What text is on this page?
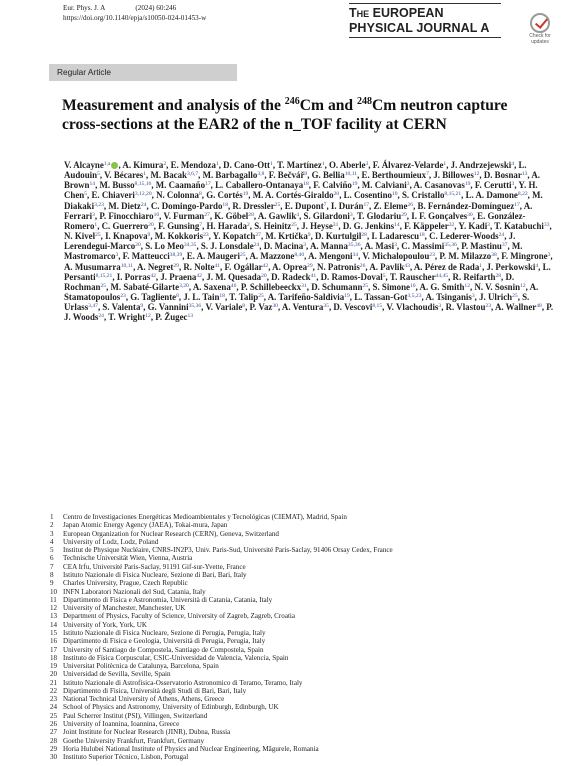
Eur. Phys. J. A	(2024) 60:246
https://doi.org/10.1140/epja/s10050-024-01453-w	THE EUROPEAN
PHYSICAL JOURNAL A
Check for updates
Regular Article
Measurement and analysis of the $^{246}$Cm and $^{248}$Cm neutron capture cross-sections at the EAR2 of the n_TOF facility at CERN
V. Alcayne$^{1,a}$ , A. Kimura$^2$, E. Mendoza$^1$, D. Cano-Ott$^1$, T. Martínez$^1$, O. Aberle$^3$, F. Álvarez-Velarde$^1$, J. Andrzejewski$^4$, L. Audouin$^5$, V. Bécares$^1$, M. Bacak$^{3,6,7}$, M. Barbagallo$^{3,8}$, F. Bečvář$^9$, G. Bellia$^{10,11}$, E. Berthoumieux$^7$, J. Billowes$^{12}$, D. Bosnar$^{13}$, A. Brown$^{14}$, M. Busso$^{8,15,16}$, M. Caamaño$^{17}$, L. Caballero-Ontanaya$^{18}$, F. Calviño$^{19}$, M. Calviani$^3$, A. Casanovas$^{19}$, F. Cerutti$^3$, Y. H. Chen$^5$, E. Chiaveri$^{3,12,20}$, N. Colonna$^8$, G. Cortés$^{19}$, M. A. Cortés-Giraldo$^{20}$, L. Cosentino$^{10}$, S. Cristallo$^{8,15,21}$, L. A. Damone$^{8,22}$, M. Diakaki$^{3,23}$, M. Dietz$^{24}$, C. Domingo-Pardo$^{18}$, R. Dressler$^{25}$, E. Dupont$^7$, I. Durán$^{17}$, Z. Eleme$^{26}$, B. Fernández-Domínguez$^{17}$, A. Ferrari$^3$, P. Finocchiaro$^{10}$, V. Furman$^{27}$, K. Göbel$^{28}$, A. Gawlik$^4$, S. Gilardoni$^3$, T. Glodariu$^{29}$, I. F. Gonçalves$^{30}$, E. González-Romero$^1$, C. Guerrero$^{20}$, F. Gunsing$^7$, H. Harada$^2$, S. Heinitz$^{25}$, J. Heyse$^{31}$, D. G. Jenkins$^{14}$, F. Käppeler$^{32}$, Y. Kadi$^3$, T. Katabuchi$^{33}$, N. Kivel$^{25}$, I. Knapova$^9$, M. Kokkoris$^{23}$, Y. Kopatch$^{27}$, M. Krtička$^9$, D. Kurtulgil$^{28}$, I. Ladarescu$^{18}$, C. Lederer-Woods$^{24}$, J. Lerendegui-Marco$^{20}$, S. Lo Meo$^{34,35}$, S. J. Lonsdale$^{24}$, D. Macina$^3$, A. Manna$^{35,36}$, A. Masi$^3$, C. Massimi$^{35,36}$, P. Mastinu$^{37}$, M. Mastromarco$^3$, F. Matteucci$^{38,39}$, E. A. Maugeri$^{25}$, A. Mazzone$^{8,40}$, A. Mengoni$^{34}$, V. Michalopoulou$^{23}$, P. M. Milazzo$^{38}$, F. Mingrone$^3$, A. Musumarra$^{10,11}$, A. Negret$^{29}$, R. Nolte$^{41}$, F. Ogállar$^{42}$, A. Oprea$^{29}$, N. Patronis$^{26}$, A. Pavlik$^{43}$, A. Pérez de Rada$^1$, J. Perkowski$^4$, L. Persanti$^{8,15,21}$, I. Porras$^{42}$, J. Praena$^{42}$, J. M. Quesada$^{20}$, D. Radeck$^{41}$, D. Ramos-Doval$^5$, T. Rauscher$^{44,45}$, R. Reifarth$^{28}$, D. Rochman$^{25}$, M. Sabaté-Gilarte$^{3,20}$, A. Saxena$^{46}$, P. Schillebeeckx$^{31}$, D. Schumann$^{25}$, S. Simone$^{10}$, A. G. Smith$^{12}$, N. V. Sosnin$^{12}$, A. Stamatopoulos$^{23}$, G. Tagliente$^8$, J. L. Tain$^{18}$, T. Talip$^{25}$, A. Tarifeño-Saldivia$^{19}$, L. Tassan-Got$^{3,5,23}$, A. Tsinganis$^3$, J. Ulrich$^{25}$, S. Urlass$^{3,47}$, S. Valenta$^9$, G. Vannini$^{35,36}$, V. Variale$^8$, P. Vaz$^{30}$, A. Ventura$^{35}$, D. Vescovi$^{8,15}$, V. Vlachoudis$^3$, R. Vlastou$^{23}$, A. Wallner$^{48}$, P. J. Woods$^{24}$, T. Wright$^{12}$, P. Žugec$^{13}$
1	Centro de Investigaciones Energéticas Medioambientales y Tecnológicas (CIEMAT), Madrid, Spain
2	Japan Atomic Energy Agency (JAEA), Tokai-mura, Japan
3	European Organization for Nuclear Research (CERN), Geneva, Switzerland
4	University of Lodz, Lodz, Poland
5	Institut de Physique Nucléaire, CNRS-IN2P3, Univ. Paris-Sud, Université Paris-Saclay, 91406 Orsay Cedex, France
6	Technische Universität Wien, Vienna, Austria
7	CEA Irfu, Université Paris-Saclay, 91191 Gif-sur-Yvette, France
8	Istituto Nazionale di Fisica Nucleare, Sezione di Bari, Bari, Italy
9	Charles University, Prague, Czech Republic
10 INFN Laboratori Nazionali del Sud, Catania, Italy
11 Dipartimento di Fisica e Astronomia, Università di Catania, Catania, Italy
12 University of Manchester, Manchester, UK
13 Department of Physics, Faculty of Science, University of Zagreb, Zagreb, Croatia
14 University of York, York, UK
15 Istituto Nazionale di Fisica Nucleare, Sezione di Perugia, Perugia, Italy
16 Dipartimento di Fisica e Geologia, Università di Perugia, Perugia, Italy
17 University of Santiago de Compostela, Santiago de Compostela, Spain
18 Instituto de Física Corpuscular, CSIC-Universidad de Valencia, Valencia, Spain
19 Universitat Politècnica de Catalunya, Barcelona, Spain
20 Universidad de Sevilla, Seville, Spain
21 Istituto Nazionale di Astrofisica-Osservatorio Astronomico di Teramo, Teramo, Italy
22 Dipartimento di Fisica, Università degli Studi di Bari, Bari, Italy
23 National Technical University of Athens, Athens, Greece
24 School of Physics and Astronomy, University of Edinburgh, Edinburgh, UK
25 Paul Scherrer Institut (PSI), Villingen, Switzerland
26 University of Ioannina, Ioannina, Greece
27 Joint Institute for Nuclear Research (JINR), Dubna, Russia
28 Goethe University Frankfurt, Frankfurt, Germany
29 Horia Hulubei National Institute of Physics and Nuclear Engineering, Măgurele, Romania
30 Instituto Superior Técnico, Lisbon, Portugal
